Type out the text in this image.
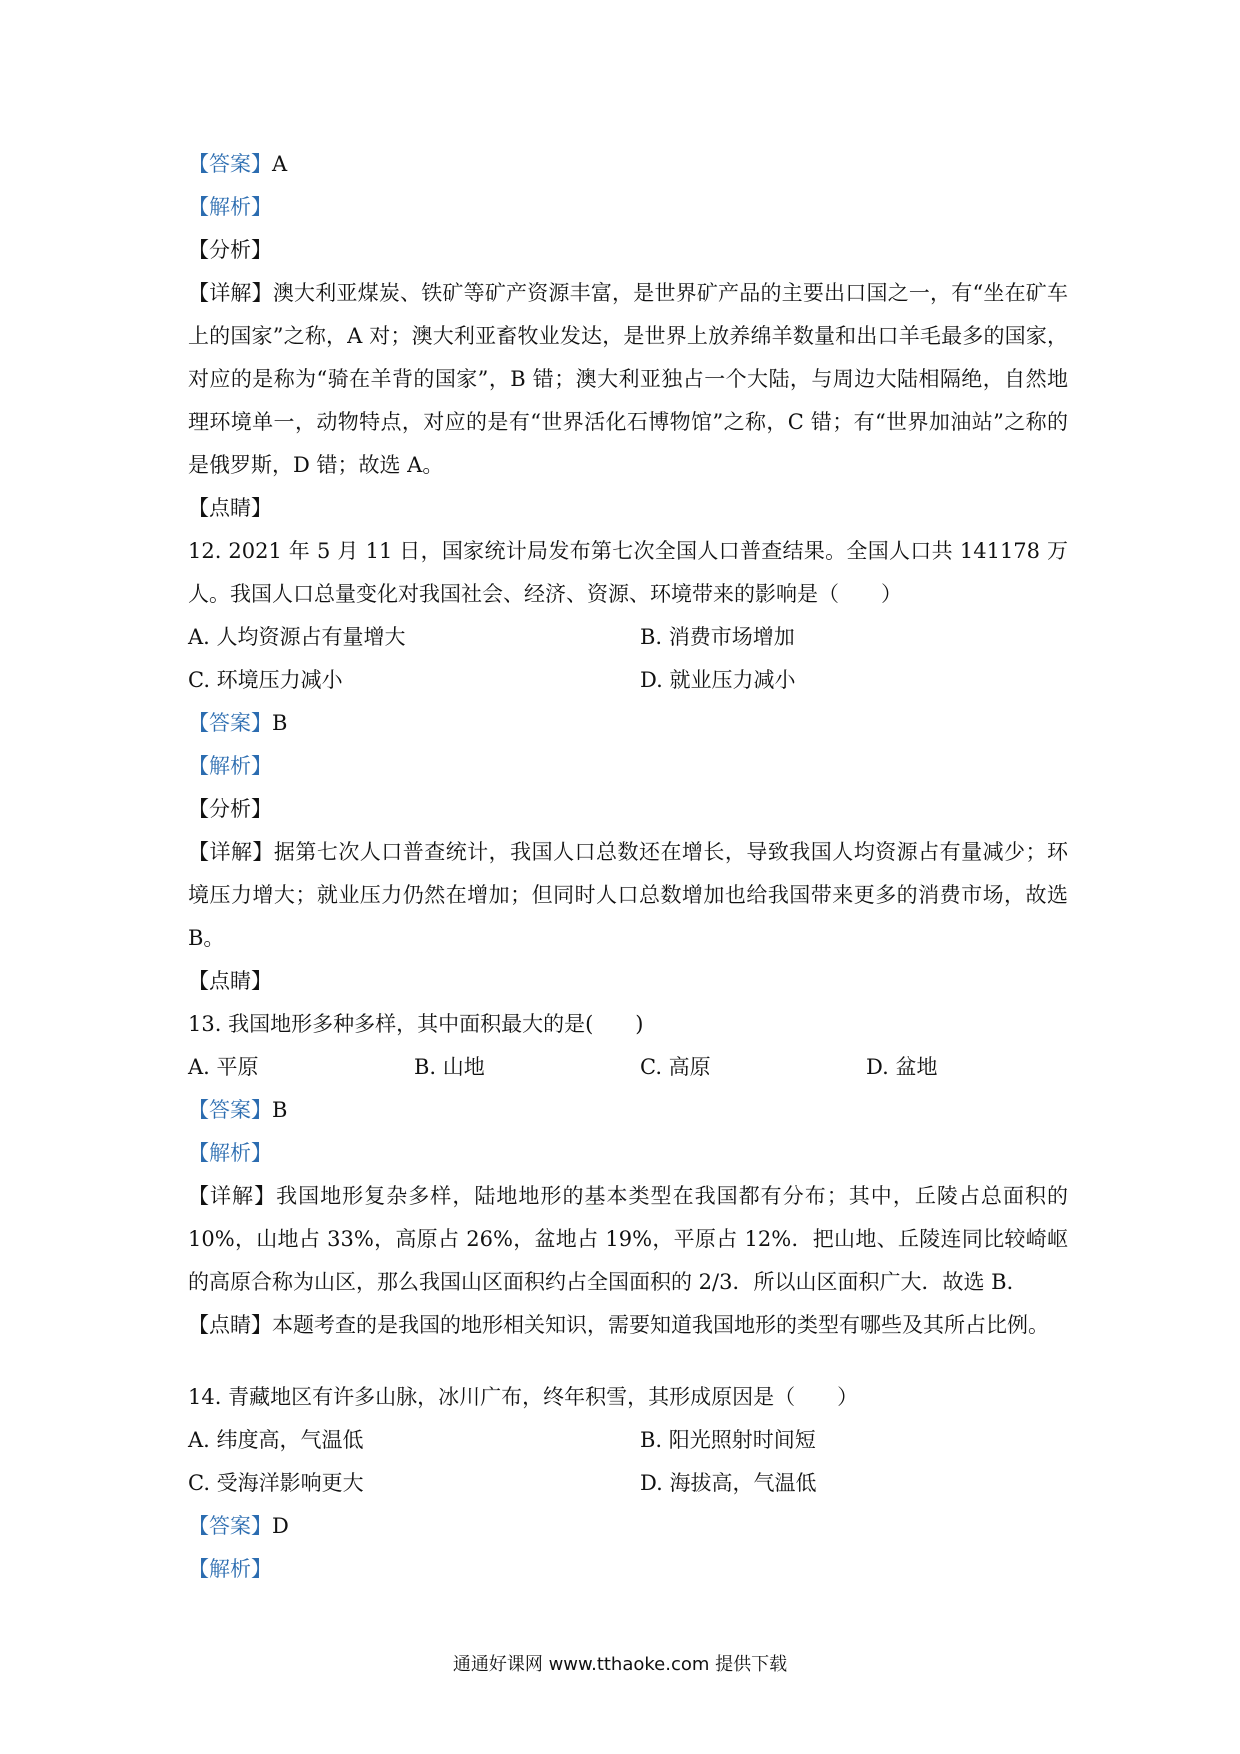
【答案】A
【解析】
【分析】
【详解】澳大利亚煤炭、铁矿等矿产资源丰富，是世界矿产品的主要出口国之一，有“坐在矿车上的国家”之称，A 对；澳大利亚畜牧业发达，是世界上放养绵羊数量和出口羊毛最多的国家，对应的是称为“骑在羊背的国家”，B 错；澳大利亚独占一个大陆，与周边大陆相隔绝，自然地理环境单一，动物特点，对应的是有“世界活化石博物馆”之称，C 错；有“世界加油站”之称的是俄罗斯，D 错；故选 A。
【点睛】
12. 2021 年 5 月 11 日，国家统计局发布第七次全国人口普查结果。全国人口共 141178 万人。我国人口总量变化对我国社会、经济、资源、环境带来的影响是（　　）
A. 人均资源占有量增大	B. 消费市场增加
C. 环境压力减小	D. 就业压力减小
【答案】B
【解析】
【分析】
【详解】据第七次人口普查统计，我国人口总数还在增长，导致我国人均资源占有量减少；环境压力增大；就业压力仍然在增加；但同时人口总数增加也给我国带来更多的消费市场，故选 B。
【点睛】
13. 我国地形多种多样，其中面积最大的是(　　)
A. 平原	B. 山地	C. 高原	D. 盆地
【答案】B
【解析】
【详解】我国地形复杂多样，陆地地形的基本类型在我国都有分布；其中，丘陵占总面积的 10%，山地占 33%，高原占 26%，盆地占 19%，平原占 12%．把山地、丘陵连同比较崎岖的高原合称为山区，那么我国山区面积约占全国面积的 2/3．所以山区面积广大．故选 B．
【点睛】本题考查的是我国的地形相关知识，需要知道我国地形的类型有哪些及其所占比例。
14. 青藏地区有许多山脉，冰川广布，终年积雪，其形成原因是（　　）
A. 纬度高，气温低	B. 阳光照射时间短
C. 受海洋影响更大	D. 海拔高，气温低
【答案】D
【解析】
通通好课网 www.tthaoke.com 提供下载
